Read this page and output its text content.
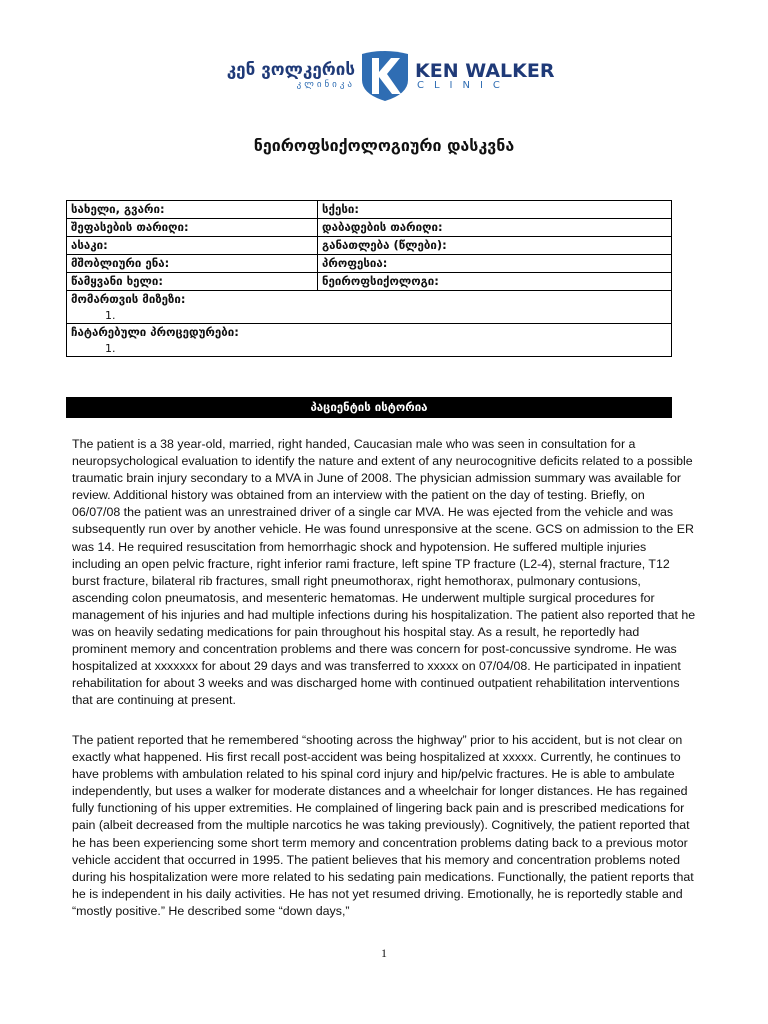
კენ ვოლკერის
კლინიკა
KEN WALKER
CLINIC
ნეიროფსიქოლოგიური დასკვნა
სახელი, გვარი:	სქესი:
შეფასების თარიღი:	დაბადების თარიღი:
ასაკი:	განათლება (წლები):
მშობლიური ენა:	პროფესია:
წამყვანი ხელი:	ნეიროფსიქოლოგი:
მომართვის მიზეზი:
1.	

ჩატარებული პროცედურები:
1.	
პაციენტის ისტორია

The patient is a 38 year-old, married, right handed, Caucasian male who was seen in consultation for a neuropsychological evaluation to identify the nature and extent of any neurocognitive deficits related to a possible traumatic brain injury secondary to a MVA in June of 2008. The physician admission summary was available for review. Additional history was obtained from an interview with the patient on the day of testing. Briefly, on 06/07/08 the patient was an unrestrained driver of a single car MVA. He was ejected from the vehicle and was subsequently run over by another vehicle. He was found unresponsive at the scene. GCS on admission to the ER was 14. He required resuscitation from hemorrhagic shock and hypotension. He suffered multiple injuries including an open pelvic fracture, right inferior rami fracture, left spine TP fracture (L2-4), sternal fracture, T12 burst fracture, bilateral rib fractures, small right pneumothorax, right hemothorax, pulmonary contusions, ascending colon pneumatosis, and mesenteric hematomas. He underwent multiple surgical procedures for management of his injuries and had multiple infections during his hospitalization. The patient also reported that he was on heavily sedating medications for pain throughout his hospital stay. As a result, he reportedly had prominent memory and concentration problems and there was concern for post-concussive syndrome. He was hospitalized at xxxxxxx for about 29 days and was transferred to xxxxx on 07/04/08. He participated in inpatient rehabilitation for about 3 weeks and was discharged home with continued outpatient rehabilitation interventions that are continuing at present.

The patient reported that he remembered “shooting across the highway” prior to his accident, but is not clear on exactly what happened. His first recall post-accident was being hospitalized at xxxxx. Currently, he continues to have problems with ambulation related to his spinal cord injury and hip/pelvic fractures. He is able to ambulate independently, but uses a walker for moderate distances and a wheelchair for longer distances. He has regained fully functioning of his upper extremities. He complained of lingering back pain and is prescribed medications for pain (albeit decreased from the multiple narcotics he was taking previously). Cognitively, the patient reported that he has been experiencing some short term memory and concentration problems dating back to a previous motor vehicle accident that occurred in 1995. The patient believes that his memory and concentration problems noted during his hospitalization were more related to his sedating pain medications. Functionally, the patient reports that he is independent in his daily activities. He has not yet resumed driving. Emotionally, he is reportedly stable and “mostly positive.” He described some “down days,”

1
